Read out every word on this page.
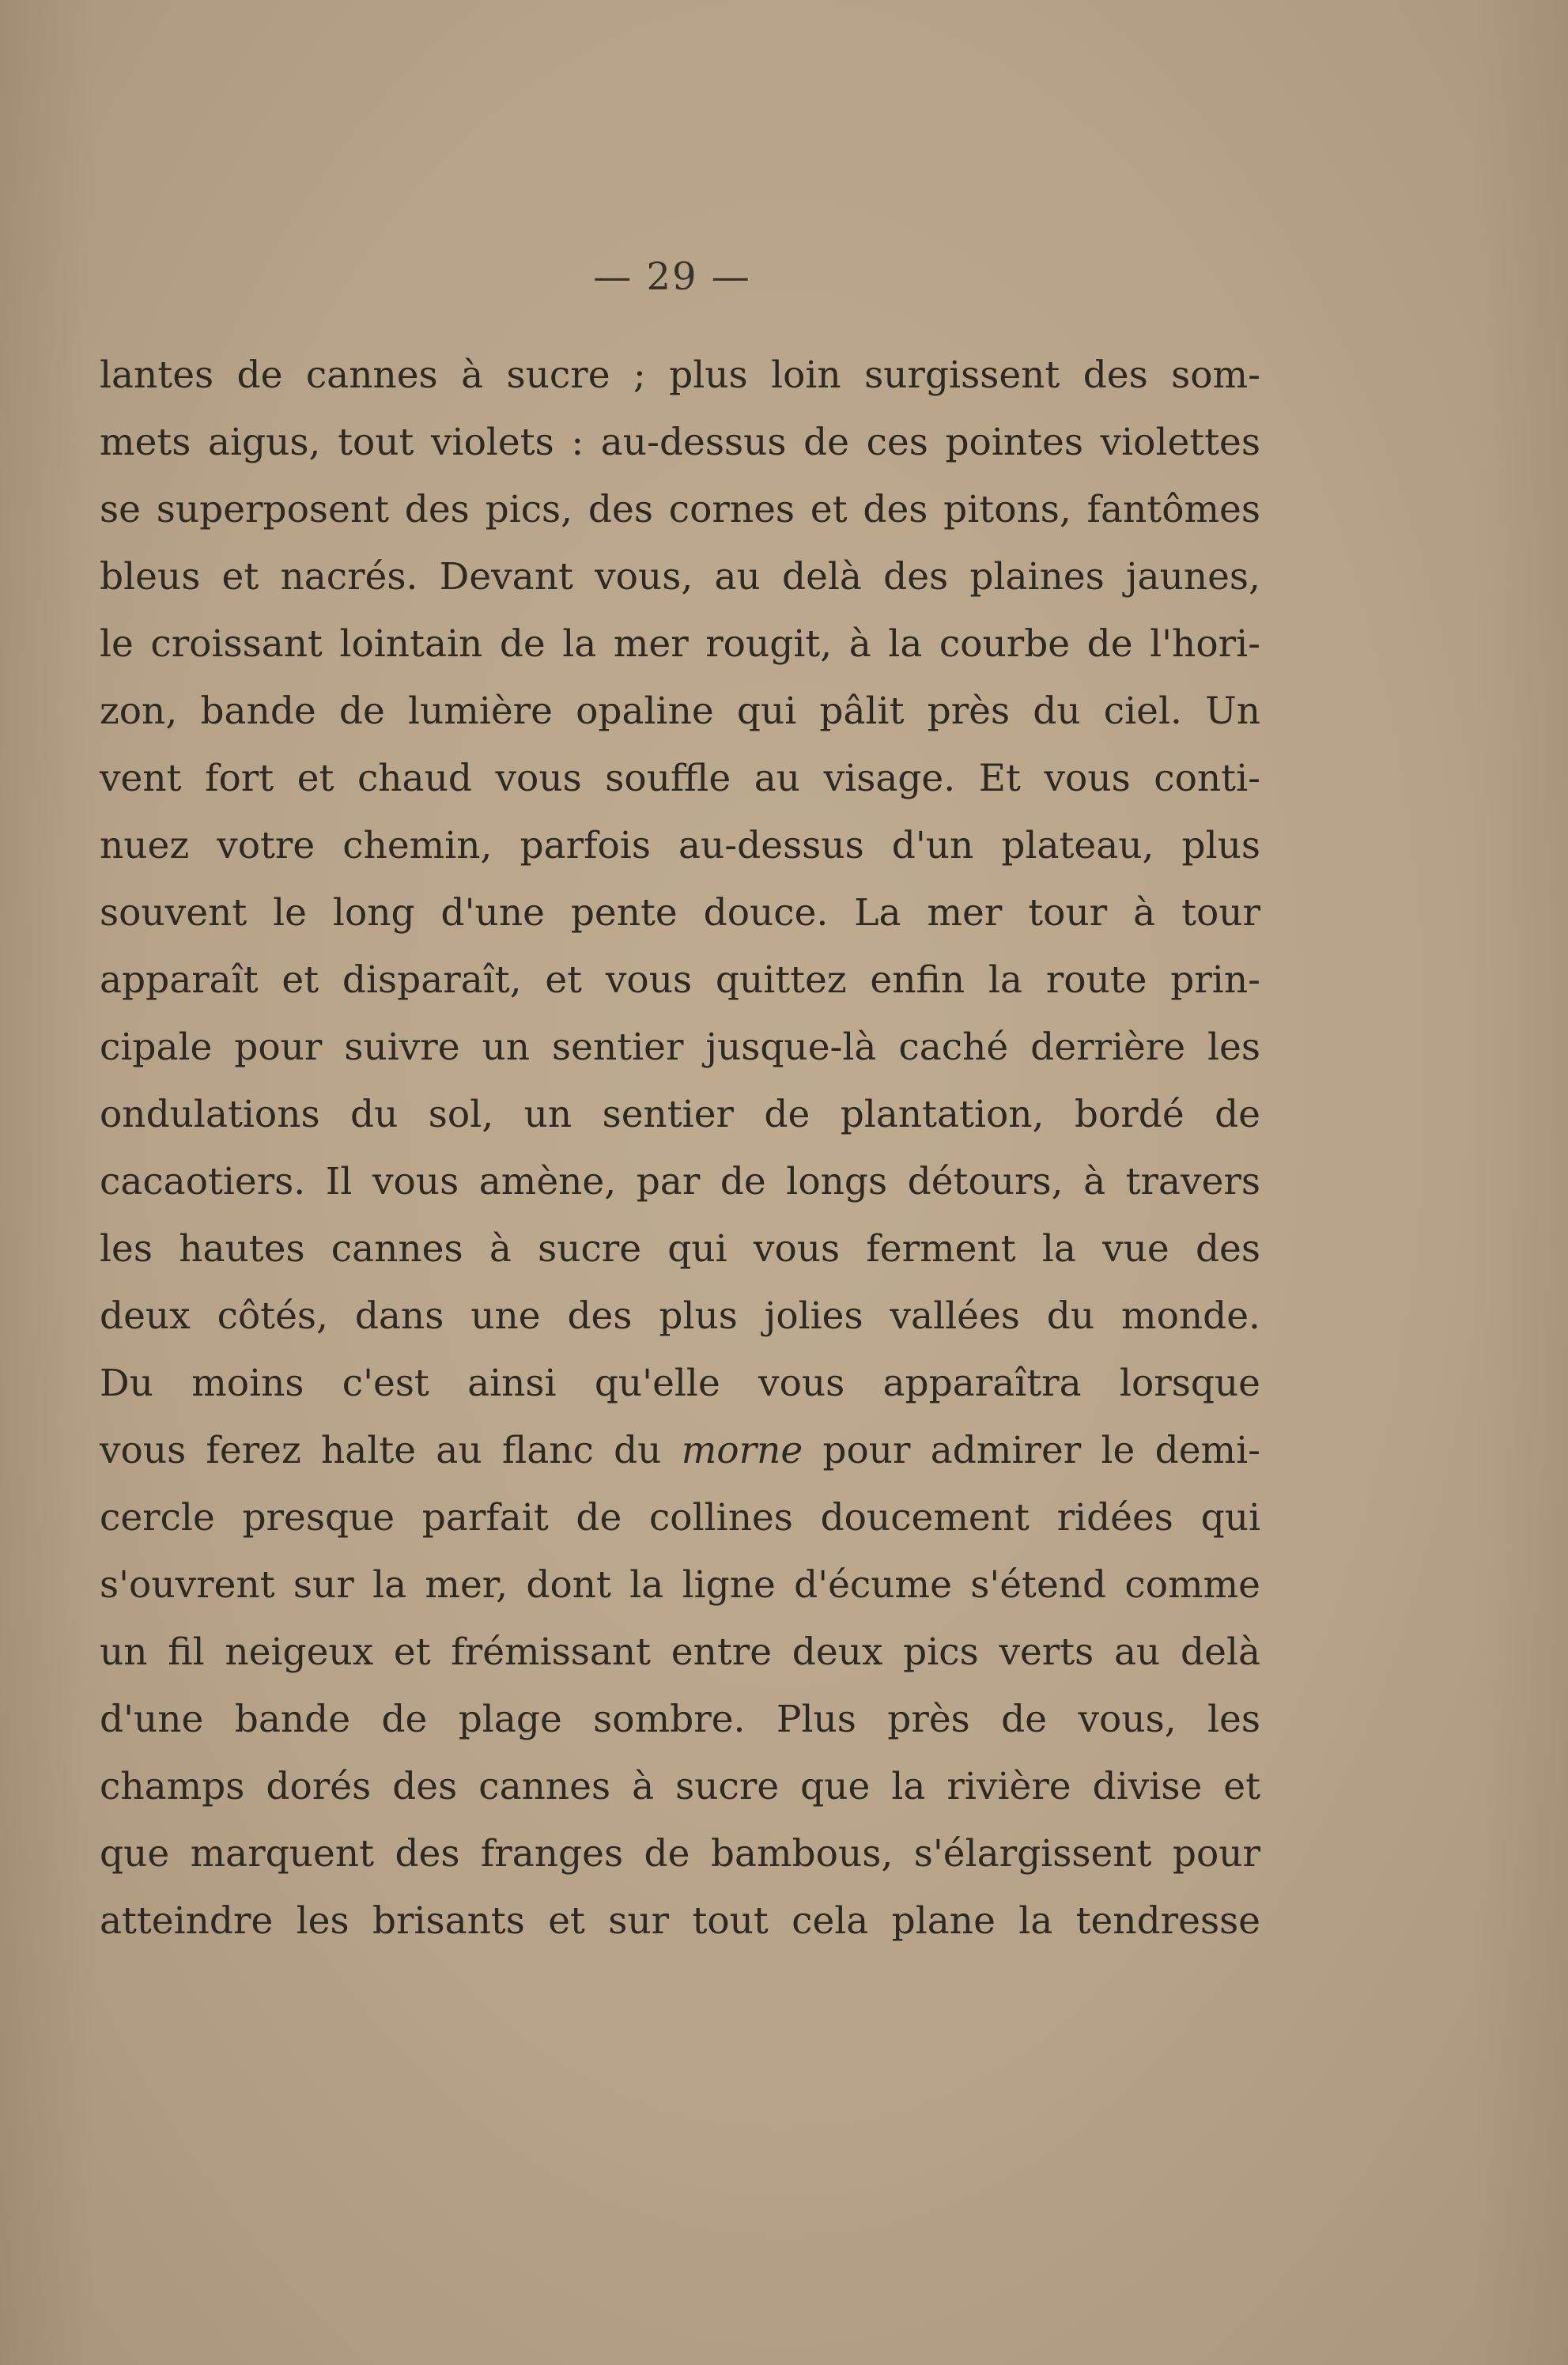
— 29 —
lantes de cannes à sucre ; plus loin surgissent des som-
mets aigus, tout violets : au-dessus de ces pointes violettes
se superposent des pics, des cornes et des pitons, fantômes
bleus et nacrés. Devant vous, au delà des plaines jaunes,
le croissant lointain de la mer rougit, à la courbe de l'hori-
zon, bande de lumière opaline qui pâlit près du ciel. Un
vent fort et chaud vous souffle au visage. Et vous conti-
nuez votre chemin, parfois au-dessus d'un plateau, plus
souvent le long d'une pente douce. La mer tour à tour
apparaît et disparaît, et vous quittez enfin la route prin-
cipale pour suivre un sentier jusque-là caché derrière les
ondulations du sol, un sentier de plantation, bordé de
cacaotiers. Il vous amène, par de longs détours, à travers
les hautes cannes à sucre qui vous ferment la vue des
deux côtés, dans une des plus jolies vallées du monde.
Du moins c'est ainsi qu'elle vous apparaîtra lorsque
vous ferez halte au flanc du morne pour admirer le demi-
cercle presque parfait de collines doucement ridées qui
s'ouvrent sur la mer, dont la ligne d'écume s'étend comme
un fil neigeux et frémissant entre deux pics verts au delà
d'une bande de plage sombre. Plus près de vous, les
champs dorés des cannes à sucre que la rivière divise et
que marquent des franges de bambous, s'élargissent pour
atteindre les brisants et sur tout cela plane la tendresse
